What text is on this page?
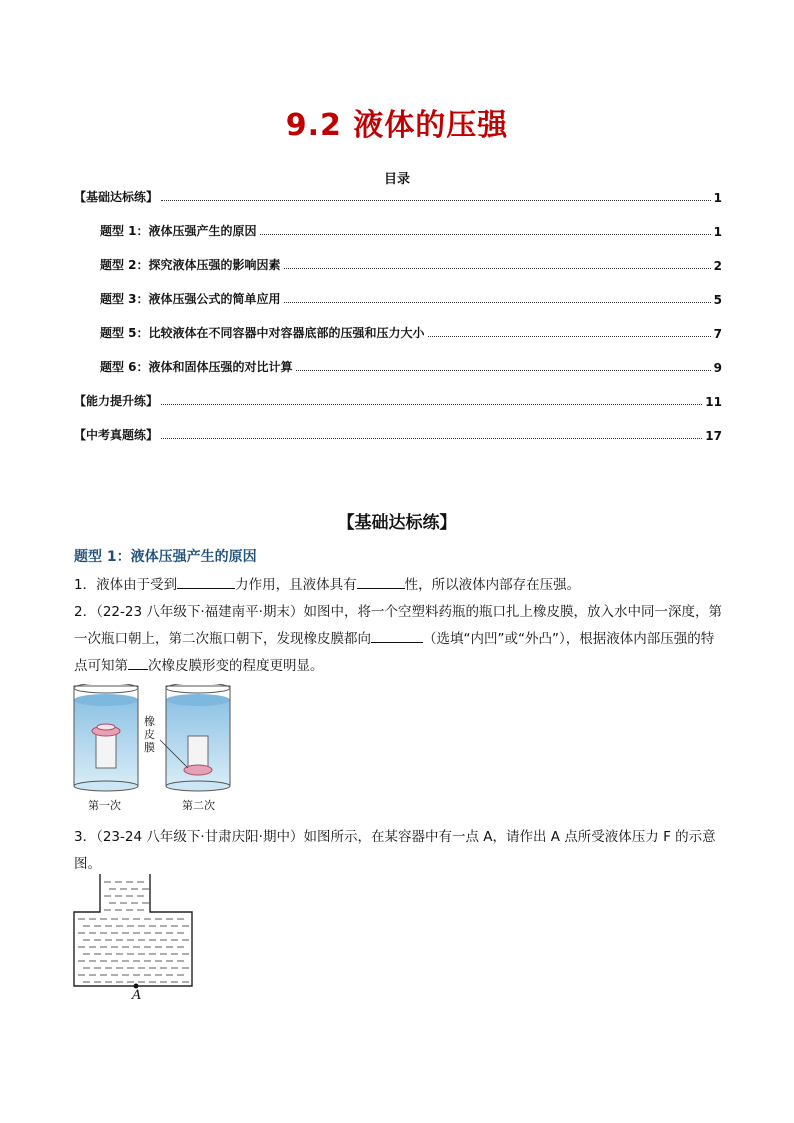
9.2 液体的压强
目录
【基础达标练】	1
题型 1：液体压强产生的原因	1
题型 2：探究液体压强的影响因素	2
题型 3：液体压强公式的简单应用	5
题型 5：比较液体在不同容器中对容器底部的压强和压力大小	7
题型 6：液体和固体压强的对比计算	9
【能力提升练】	11
【中考真题练】	17
【基础达标练】
题型 1：液体压强产生的原因
1．液体由于受到	力作用，且液体具有	性，所以液体内部存在压强。
2．（22-23 八年级下·福建南平·期末）如图中，将一个空塑料药瓶的瓶口扎上橡皮膜，放入水中同一深度，第一次瓶口朝上，第二次瓶口朝下，发现橡皮膜都向	（选填“内凹”或“外凸”），根据液体内部压强的特点可知第 次橡皮膜形变的程度更明显。
橡
皮
膜
第一次	第二次
3．（23-24 八年级下·甘肃庆阳·期中）如图所示，在某容器中有一点 A，请作出 A 点所受液体压力 F 的示意图。
A
